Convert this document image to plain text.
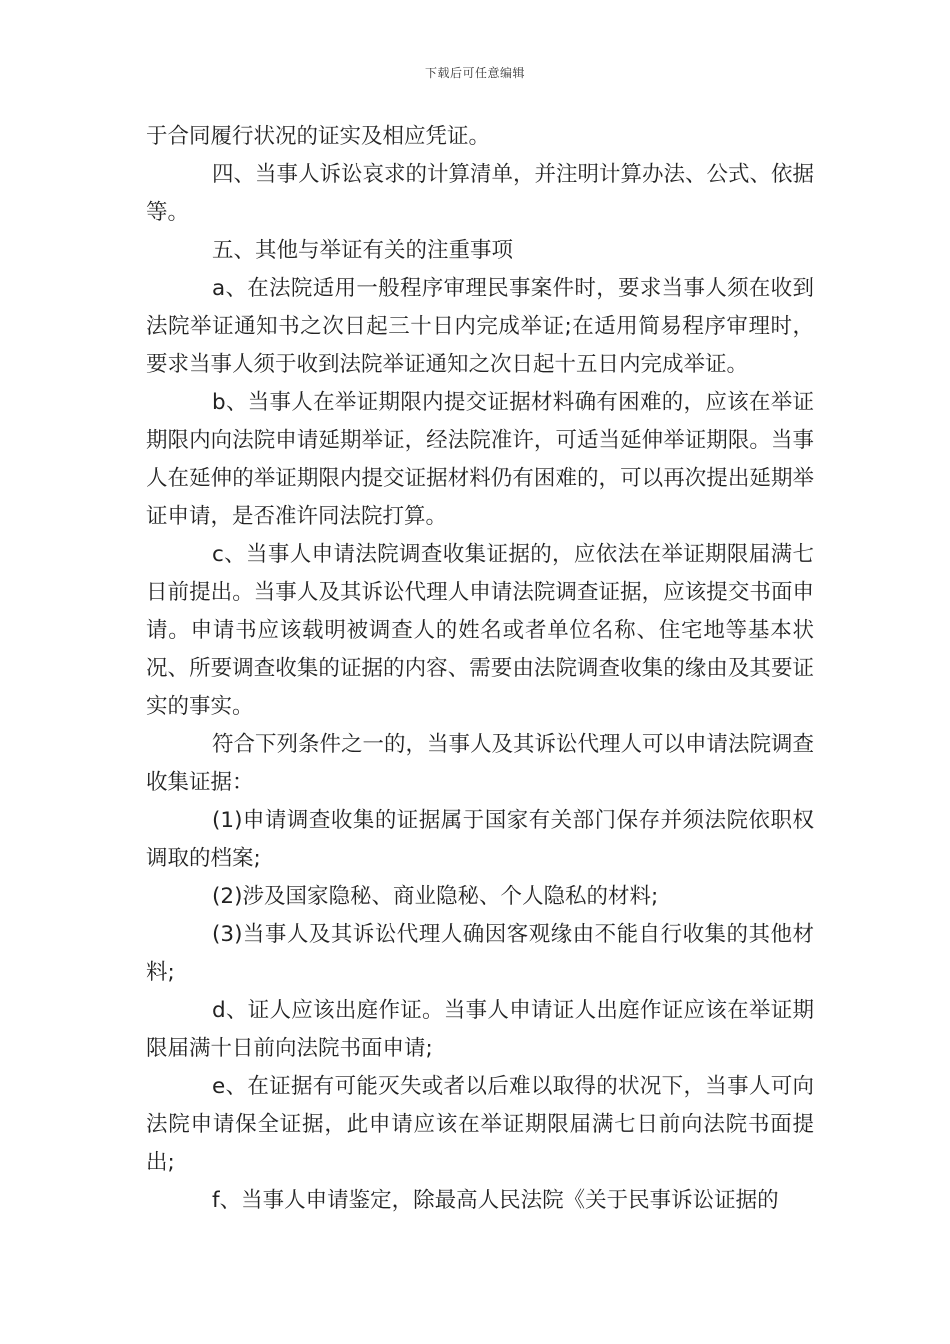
下载后可任意编辑

于合同履行状况的证实及相应凭证。

四、当事人诉讼哀求的计算清单，并注明计算办法、公式、依据等。

五、其他与举证有关的注重事项

a、在法院适用一般程序审理民事案件时，要求当事人须在收到法院举证通知书之次日起三十日内完成举证;在适用简易程序审理时，要求当事人须于收到法院举证通知之次日起十五日内完成举证。

b、当事人在举证期限内提交证据材料确有困难的，应该在举证期限内向法院申请延期举证，经法院准许，可适当延伸举证期限。当事人在延伸的举证期限内提交证据材料仍有困难的，可以再次提出延期举证申请，是否准许同法院打算。

c、当事人申请法院调查收集证据的，应依法在举证期限届满七日前提出。当事人及其诉讼代理人申请法院调查证据，应该提交书面申请。申请书应该载明被调查人的姓名或者单位名称、住宅地等基本状况、所要调查收集的证据的内容、需要由法院调查收集的缘由及其要证实的事实。

符合下列条件之一的，当事人及其诉讼代理人可以申请法院调查收集证据：

(1)申请调查收集的证据属于国家有关部门保存并须法院依职权调取的档案;

(2)涉及国家隐秘、商业隐秘、个人隐私的材料;

(3)当事人及其诉讼代理人确因客观缘由不能自行收集的其他材料;

d、证人应该出庭作证。当事人申请证人出庭作证应该在举证期限届满十日前向法院书面申请;

e、在证据有可能灭失或者以后难以取得的状况下，当事人可向法院申请保全证据，此申请应该在举证期限届满七日前向法院书面提出;

f、当事人申请鉴定，除最高人民法院《关于民事诉讼证据的
